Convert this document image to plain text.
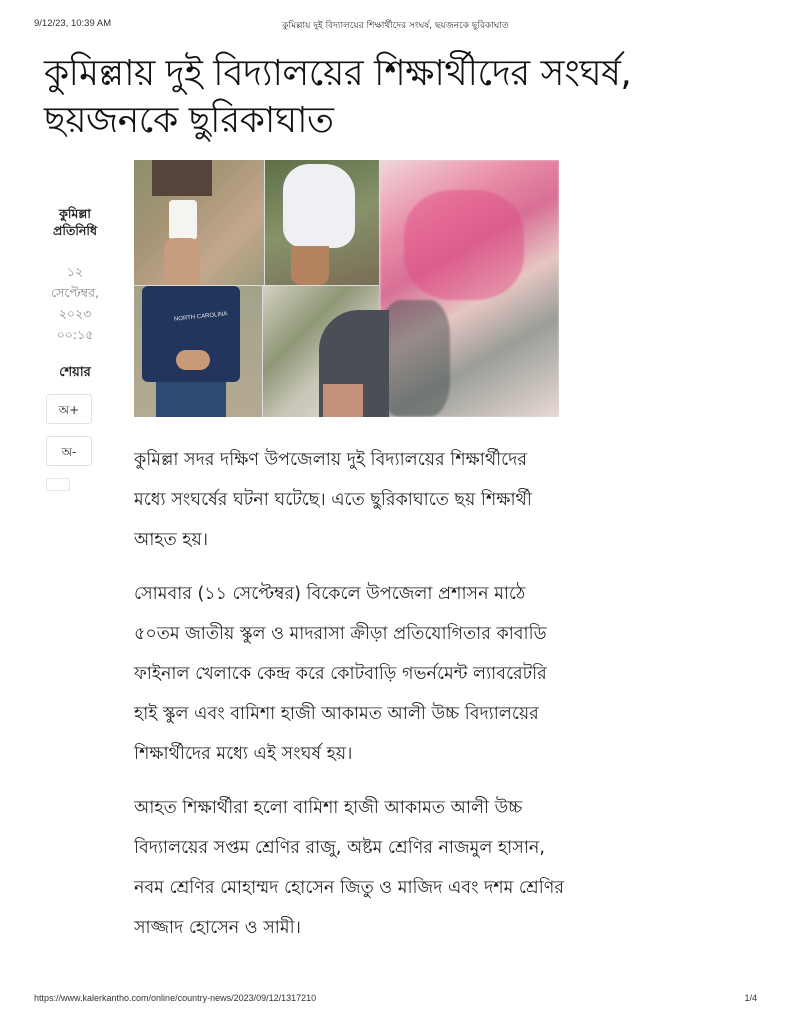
9/12/23, 10:39 AM	কুমিল্লায় দুই বিদ্যালয়ের শিক্ষার্থীদের সংঘর্ষ, ছয়জনকে ছুরিকাঘাত
কুমিল্লায় দুই বিদ্যালয়ের শিক্ষার্থীদের সংঘর্ষ, ছয়জনকে ছুরিকাঘাত
কুমিল্লা
প্রতিনিধি
১২
সেপ্টেম্বর,
২০২৩
০০:১৫
শেয়ার
অ+
অ-
NORTH CAROLINA

কুমিল্লা সদর দক্ষিণ উপজেলায় দুই বিদ্যালয়ের শিক্ষার্থীদের মধ্যে সংঘর্ষের ঘটনা ঘটেছে। এতে ছুরিকাঘাতে ছয় শিক্ষার্থী আহত হয়।

সোমবার (১১ সেপ্টেম্বর) বিকেলে উপজেলা প্রশাসন মাঠে ৫০তম জাতীয় স্কুল ও মাদরাসা ক্রীড়া প্রতিযোগিতার কাবাডি ফাইনাল খেলাকে কেন্দ্র করে কোটবাড়ি গভর্নমেন্ট ল্যাবরেটরি হাই স্কুল এবং বামিশা হাজী আকামত আলী উচ্চ বিদ্যালয়ের শিক্ষার্থীদের মধ্যে এই সংঘর্ষ হয়।

আহত শিক্ষার্থীরা হলো বামিশা হাজী আকামত আলী উচ্চ বিদ্যালয়ের সপ্তম শ্রেণির রাজু, অষ্টম শ্রেণির নাজমুল হাসান, নবম শ্রেণির মোহাম্মদ হোসেন জিতু ও মাজিদ এবং দশম শ্রেণির সাজ্জাদ হোসেন ও সামী।

https://www.kalerkantho.com/online/country-news/2023/09/12/1317210	1/4
